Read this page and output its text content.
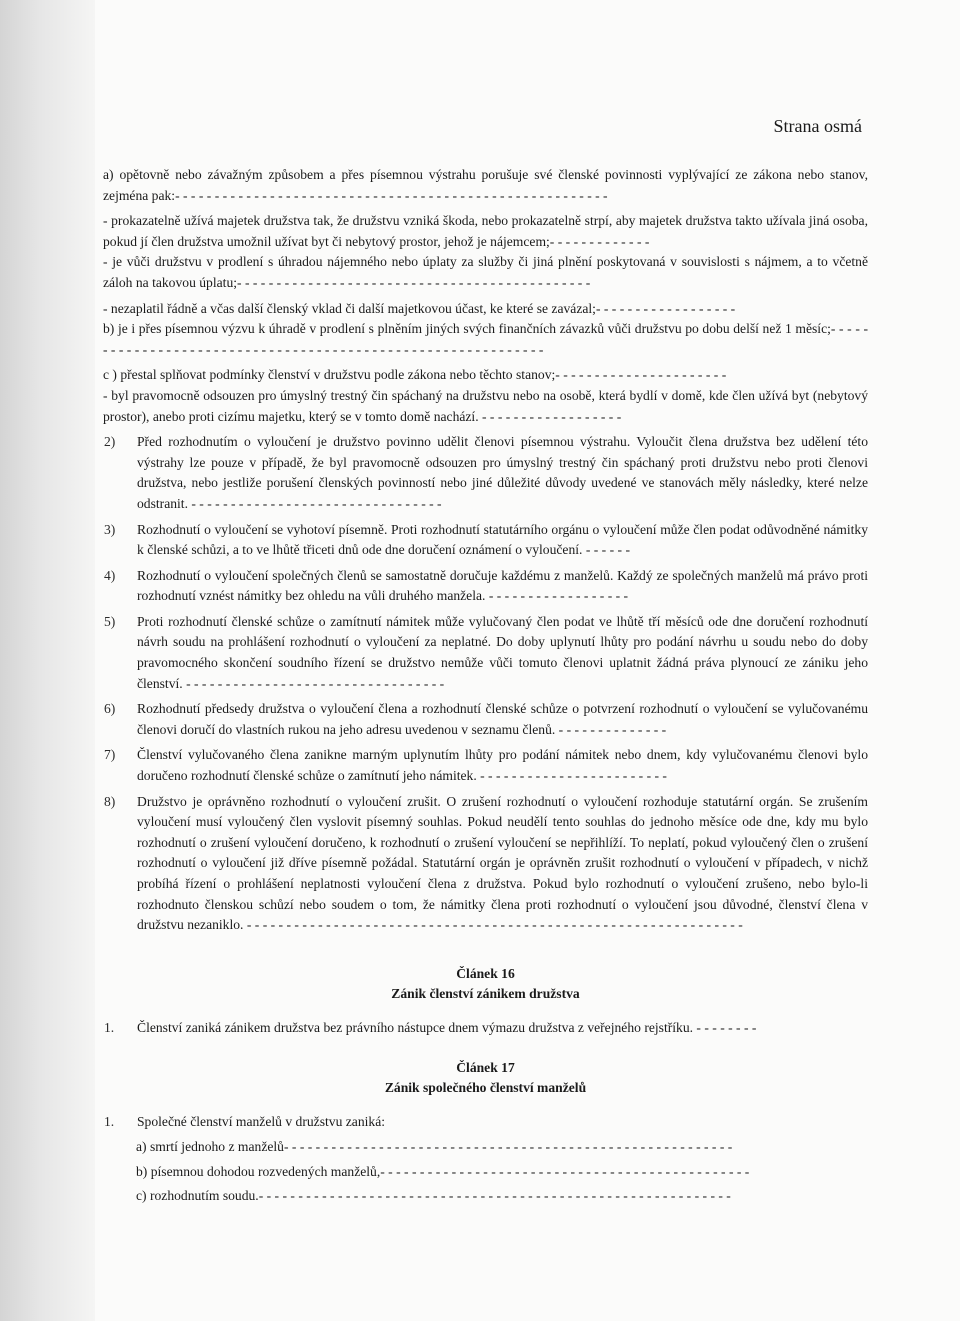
Strana osmá

a) opětovně nebo závažným způsobem a přes písemnou výstrahu porušuje své členské povinnosti vyplývající ze zákona nebo stanov, zejména pak:- - - - - - - - - - - - - - - - - - - - - - - - - - - - - - - - - - - - - - - - - - - - - - - - - - - - - - -

- prokazatelně užívá majetek družstva tak, že družstvu vzniká škoda, nebo prokazatelně strpí, aby majetek družstva takto užívala jiná osoba, pokud jí člen družstva umožnil užívat byt či nebytový prostor, jehož je nájemcem;- - - - - - - - - - - - -

- je vůči družstvu v prodlení s úhradou nájemného nebo úplaty za služby či jiná plnění poskytovaná v souvislosti s nájmem, a to včetně záloh na takovou úplatu;- - - - - - - - - - - - - - - - - - - - - - - - - - - - - - - - - - - - - - - - - - - - -

- nezaplatil řádně a včas další členský vklad či další majetkovou účast, ke které se zavázal;- - - - - - - - - - - - - - - - - -

b) je i přes písemnou výzvu k úhradě v prodlení s plněním jiných svých finančních závazků vůči družstvu po dobu delší než 1 měsíc;- - - - - - - - - - - - - - - - - - - - - - - - - - - - - - - - - - - - - - - - - - - - - - - - - - - - - - - - - - - - -

c ) přestal splňovat podmínky členství v družstvu podle zákona nebo těchto stanov;- - - - - - - - - - - - - - - - - - - - - -

- byl pravomocně odsouzen pro úmyslný trestný čin spáchaný na družstvu nebo na osobě, která bydlí v domě, kde člen užívá byt (nebytový prostor), anebo proti cizímu majetku, který se v tomto domě nachází. - - - - - - - - - - - - - - - - - -

2)	Před rozhodnutím o vyloučení je družstvo povinno udělit členovi písemnou výstrahu. Vyloučit člena družstva bez udělení této výstrahy lze pouze v případě, že byl pravomocně odsouzen pro úmyslný trestný čin spáchaný proti družstvu nebo proti členovi družstva, nebo jestliže porušení členských povinností nebo jiné důležité důvody uvedené ve stanovách měly následky, které nelze odstranit. - - - - - - - - - - - - - - - - - - - - - - - - - - - - - - - -
3)	Rozhodnutí o vyloučení se vyhotoví písemně. Proti rozhodnutí statutárního orgánu o vyloučení může člen podat odůvodněné námitky k členské schůzi, a to ve lhůtě třiceti dnů ode dne doručení oznámení o vyloučení. - - - - - -
4)	Rozhodnutí o vyloučení společných členů se samostatně doručuje každému z manželů. Každý ze společných manželů má právo proti rozhodnutí vznést námitky bez ohledu na vůli druhého manžela. - - - - - - - - - - - - - - - - - -
5)	Proti rozhodnutí členské schůze o zamítnutí námitek může vylučovaný člen podat ve lhůtě tří měsíců ode dne doručení rozhodnutí návrh soudu na prohlášení rozhodnutí o vyloučení za neplatné. Do doby uplynutí lhůty pro podání návrhu u soudu nebo do doby pravomocného skončení soudního řízení se družstvo nemůže vůči tomuto členovi uplatnit žádná práva plynoucí ze zániku jeho členství. - - - - - - - - - - - - - - - - - - - - - - - - - - - - - - - - -
6)	Rozhodnutí předsedy družstva o vyloučení člena a rozhodnutí členské schůze o potvrzení rozhodnutí o vyloučení se vylučovanému členovi doručí do vlastních rukou na jeho adresu uvedenou v seznamu členů. - - - - - - - - - - - - - -
7)	Členství vylučovaného člena zanikne marným uplynutím lhůty pro podání námitek nebo dnem, kdy vylučovanému členovi bylo doručeno rozhodnutí členské schůze o zamítnutí jeho námitek. - - - - - - - - - - - - - - - - - - - - - - - -
8)	Družstvo je oprávněno rozhodnutí o vyloučení zrušit. O zrušení rozhodnutí o vyloučení rozhoduje statutární orgán. Se zrušením vyloučení musí vyloučený člen vyslovit písemný souhlas. Pokud neudělí tento souhlas do jednoho měsíce ode dne, kdy mu bylo rozhodnutí o zrušení vyloučení doručeno, k rozhodnutí o zrušení vyloučení se nepřihlíží. To neplatí, pokud vyloučený člen o zrušení rozhodnutí o vyloučení již dříve písemně požádal. Statutární orgán je oprávněn zrušit rozhodnutí o vyloučení v případech, v nichž probíhá řízení o prohlášení neplatnosti vyloučení člena z družstva. Pokud bylo rozhodnutí o vyloučení zrušeno, nebo bylo-li rozhodnuto členskou schůzí nebo soudem o tom, že námitky člena proti rozhodnutí o vyloučení jsou důvodné, členství člena v družstvu nezaniklo. - - - - - - - - - - - - - - - - - - - - - - - - - - - - - - - - - - - - - - - - - - - - - - - - - - - - - - - - - - - - - - -
Článek 16
Zánik členství zánikem družstva
1.	Členství zaniká zánikem družstva bez právního nástupce dnem výmazu družstva z veřejného rejstříku. - - - - - - - -
Článek 17
Zánik společného členství manželů
1.	Společné členství manželů v družstvu zaniká:
a) smrtí jednoho z manželů- - - - - - - - - - - - - - - - - - - - - - - - - - - - - - - - - - - - - - - - - - - - - - - - - - - - - - - - -
b) písemnou dohodou rozvedených manželů,- - - - - - - - - - - - - - - - - - - - - - - - - - - - - - - - - - - - - - - - - - - - - - -
c) rozhodnutím soudu.- - - - - - - - - - - - - - - - - - - - - - - - - - - - - - - - - - - - - - - - - - - - - - - - - - - - - - - - - - - -
